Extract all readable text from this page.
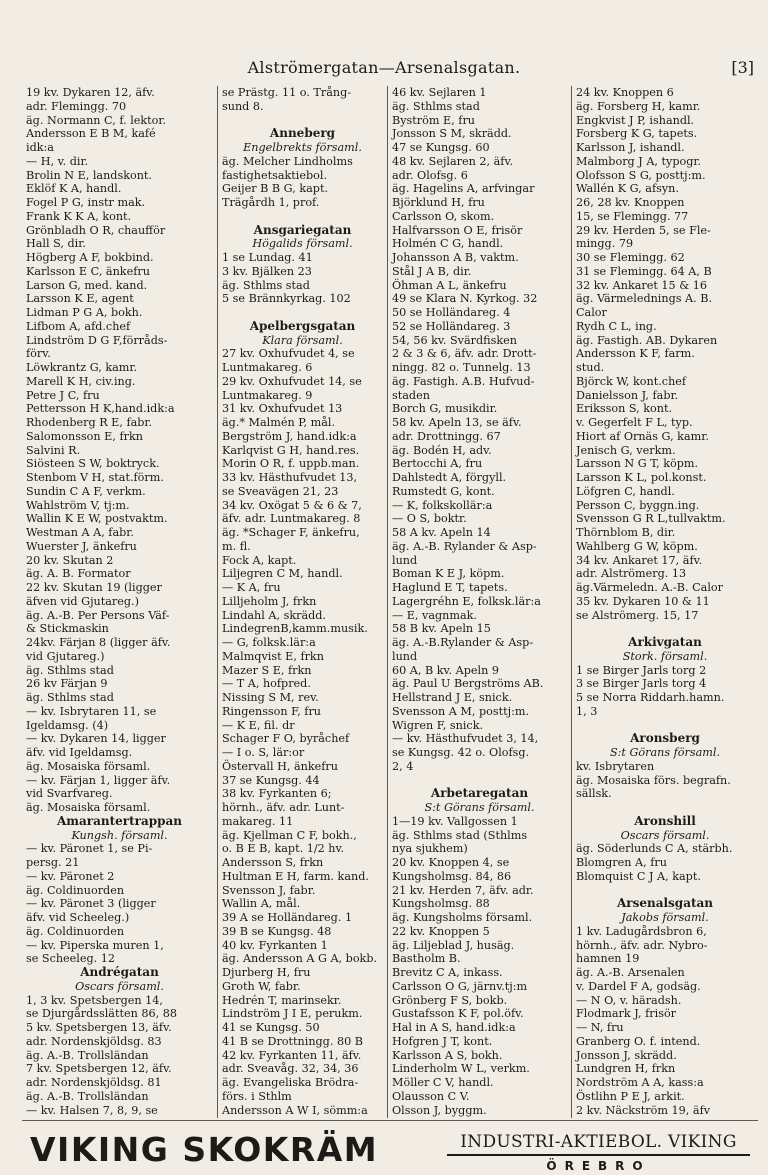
Alströmergatan—Arsenalsgatan.	[3]
19 kv. Dykaren 12, äfv.
adr. Flemingg. 70
äg. Normann C, f. lektor.
Andersson E B M, kafé
idk:a
— H, v. dir.
Brolin N E, landskont.
Eklöf K A, handl.
Fogel P G, instr mak.
Frank K K A, kont.
Grönbladh O R, chaufför
Hall S, dir.
Högberg A F, bokbind.
Karlsson E C, änkefru
Larson G, med. kand.
Larsson K E, agent
Lidman P G A, bokh.
Lifbom A, afd.chef
Lindström D G F,förråds-
förv.
Löwkrantz G, kamr.
Marell K H, civ.ing.
Petre J C, fru
Pettersson H K,hand.idk:a
Rhodenberg R E, fabr.
Salomonsson E, frkn
Salvini R.
Siösteen S W, boktryck.
Stenbom V H, stat.förm.
Sundin C A F, verkm.
Wahlström V, tj:m.
Wallin K E W, postvaktm.
Westman A A, fabr.
Wuerster J, änkefru
20 kv. Skutan 2
äg. A. B. Formator
22 kv. Skutan 19 (ligger
äfven vid Gjutareg.)
äg. A.-B. Per Persons Väf-
& Stickmaskin
24kv. Färjan 8 (ligger äfv.
vid Gjutareg.)
äg. Sthlms stad
26 kv Färjan 9
äg. Sthlms stad
— kv. Isbrytaren 11, se
Igeldamsg. (4)
— kv. Dykaren 14, ligger
äfv. vid Igeldamsg.
äg. Mosaiska församl.
— kv. Färjan 1, ligger äfv.
vid Svarfvareg.
äg. Mosaiska församl.
Amarantertrappan
Kungsh. församl.
— kv. Päronet 1, se Pi-
persg. 21
— kv. Päronet 2
äg. Coldinuorden
— kv. Päronet 3 (ligger
äfv. vid Scheeleg.)
äg. Coldinuorden
— kv. Piperska muren 1,
se Scheeleg. 12
Andrégatan
Oscars församl.
1, 3 kv. Spetsbergen 14,
se Djurgårdsslätten 86, 88
5 kv. Spetsbergen 13, äfv.
adr. Nordenskjöldsg. 83
äg. A.-B. Trollsländan
7 kv. Spetsbergen 12, äfv.
adr. Nordenskjöldsg. 81
äg. A.-B. Trollsländan
— kv. Halsen 7, 8, 9, se
se Prästg. 11 o. Trång-
sund 8.

Anneberg
Engelbrekts församl.
äg. Melcher Lindholms
fastighetsaktiebol.
Geijer B B G, kapt.
Trägårdh 1, prof.

Ansgariegatan
Högalids församl.
1 se Lundag. 41
3 kv. Bjälken 23
äg. Sthlms stad
5 se Brännkyrkag. 102

Apelbergsgatan
Klara församl.
27 kv. Oxhufvudet 4, se
Luntmakareg. 6
29 kv. Oxhufvudet 14, se
Luntmakareg. 9
31 kv. Oxhufvudet 13
äg.* Malmén P, mål.
Bergström J, hand.idk:a
Karlqvist G H, hand.res.
Morin O R, f. uppb.man.
33 kv. Hästhufvudet 13,
se Sveavägen 21, 23
34 kv. Oxögat 5 & 6 & 7,
äfv. adr. Luntmakareg. 8
äg. *Schager F, änkefru,
m. fl.
Fock A, kapt.
Liljegren C M, handl.
— K A, fru
Lilljeholm J, frkn
Lindahl A, skrädd.
LindegrenB,kamm.musik.
— G, folksk.lär:a
Malmqvist E, frkn
Mazer S E, frkn
— T A, hofpred.
Nissing S M, rev.
Ringensson F, fru
— K E, fil. dr
Schager F O, byråchef
— I o. S, lär:or
Östervall H, änkefru
37 se Kungsg. 44
38 kv. Fyrkanten 6;
hörnh., äfv. adr. Lunt-
makareg. 11
äg. Kjellman C F, bokh.,
o. B E B, kapt. 1/2 hv.
Andersson S, frkn
Hultman E H, farm. kand.
Svensson J, fabr.
Wallin A, mål.
39 A se Holländareg. 1
39 B se Kungsg. 48
40 kv. Fyrkanten 1
äg. Andersson A G A, bokb.
Djurberg H, fru
Groth W, fabr.
Hedrén T, marinsekr.
Lindström J I E, perukm.
41 se Kungsg. 50
41 B se Drottningg. 80 B
42 kv. Fyrkanten 11, äfv.
adr. Sveavåg. 32, 34, 36
äg. Evangeliska Brödra-
förs. i Sthlm
Andersson A W I, sömm:a
46 kv. Sejlaren 1
äg. Sthlms stad
Byström E, fru
Jonsson S M, skrädd.
47 se Kungsg. 60
48 kv. Sejlaren 2, äfv.
adr. Olofsg. 6
äg. Hagelins A, arfvingar
Björklund H, fru
Carlsson O, skom.
Halfvarsson O E, frisör
Holmén C G, handl.
Johansson A B, vaktm.
Stål J A B, dir.
Öhman A L, änkefru
49 se Klara N. Kyrkog. 32
50 se Holländareg. 4
52 se Holländareg. 3
54, 56 kv. Svärdfisken
2 & 3 & 6, äfv. adr. Drott-
ningg. 82 o. Tunnelg. 13
äg. Fastigh. A.B. Hufvud-
staden
Borch G, musikdir.
58 kv. Apeln 13, se äfv.
adr. Drottningg. 67
äg. Bodén H, adv.
Bertocchi A, fru
Dahlstedt A, förgyll.
Rumstedt G, kont.
— K, folkskollär:a
— O S, boktr.
58 A kv. Apeln 14
äg. A.-B. Rylander & Asp-
lund
Boman K E J, köpm.
Haglund E T, tapets.
Lagergréhn E, folksk.lär:a
— E, vagnmak.
58 B kv. Apeln 15
äg. A.-B.Rylander & Asp-
lund
60 A, B kv. Apeln 9
äg. Paul U Bergströms AB.
Hellstrand J E, snick.
Svensson A M, posttj:m.
Wigren F, snick.
— kv. Hästhufvudet 3, 14,
se Kungsg. 42 o. Olofsg.
2, 4

Arbetaregatan
S:t Görans församl.
1—19 kv. Vallgossen 1
äg. Sthlms stad (Sthlms
nya sjukhem)
20 kv. Knoppen 4, se
Kungsholmsg. 84, 86
21 kv. Herden 7, äfv. adr.
Kungsholmsg. 88
äg. Kungsholms församl.
22 kv. Knoppen 5
äg. Liljeblad J, husäg.
Bastholm B.
Brevitz C A, inkass.
Carlsson O G, järnv.tj:m
Grönberg F S, bokb.
Gustafsson K F, pol.öfv.
Hal in A S, hand.idk:a
Hofgren J T, kont.
Karlsson A S, bokh.
Linderholm W L, verkm.
Möller C V, handl.
Olausson C V.
Olsson J, byggm.
24 kv. Knoppen 6
äg. Forsberg H, kamr.
Engkvist J P, ishandl.
Forsberg K G, tapets.
Karlsson J, ishandl.
Malmborg J A, typogr.
Olofsson S G, posttj:m.
Wallén K G, afsyn.
26, 28 kv. Knoppen
15, se Flemingg. 77
29 kv. Herden 5, se Fle-
mingg. 79
30 se Flemingg. 62
31 se Flemingg. 64 A, B
32 kv. Ankaret 15 & 16
äg. Värmelednings A. B.
Calor
Rydh C L, ing.
äg. Fastigh. AB. Dykaren
Andersson K F, farm.
stud.
Björck W, kont.chef
Danielsson J, fabr.
Eriksson S, kont.
v. Gegerfelt F L, typ.
Hiort af Ornäs G, kamr.
Jenisch G, verkm.
Larsson N G T, köpm.
Larsson K L, pol.konst.
Löfgren C, handl.
Persson C, byggn.ing.
Svensson G R L,tullvaktm.
Thörnblom B, dir.
Wahlberg G W, köpm.
34 kv. Ankaret 17, äfv.
adr. Alströmerg. 13
äg.Värmeledn. A.-B. Calor
35 kv. Dykaren 10 & 11
se Alströmerg. 15, 17

Arkivgatan
Stork. församl.
1 se Birger Jarls torg 2
3 se Birger Jarls torg 4
5 se Norra Riddarh.hamn.
1, 3

Aronsberg
S:t Görans församl.
kv. Isbrytaren
äg. Mosaiska förs. begrafn.
sällsk.

Aronshill
Oscars församl.
äg. Söderlunds C A, stärbh.
Blomgren A, fru
Blomquist C J A, kapt.

Arsenalsgatan
Jakobs församl.
1 kv. Ladugårdsbron 6,
hörnh., äfv. adr. Nybro-
hamnen 19
äg. A.-B. Arsenalen
v. Dardel F A, godsäg.
— N O, v. häradsh.
Flodmark J, frisör
— N, fru
Granberg O. f. intend.
Jonsson J, skrädd.
Lundgren H, frkn
Nordström A A, kass:a
Östlihn P E J, arkit.
2 kv. Näckström 19, äfv
VIKING SKOKRÄM	INDUSTRI-AKTIEBOL. VIKING
ÖREBRO
